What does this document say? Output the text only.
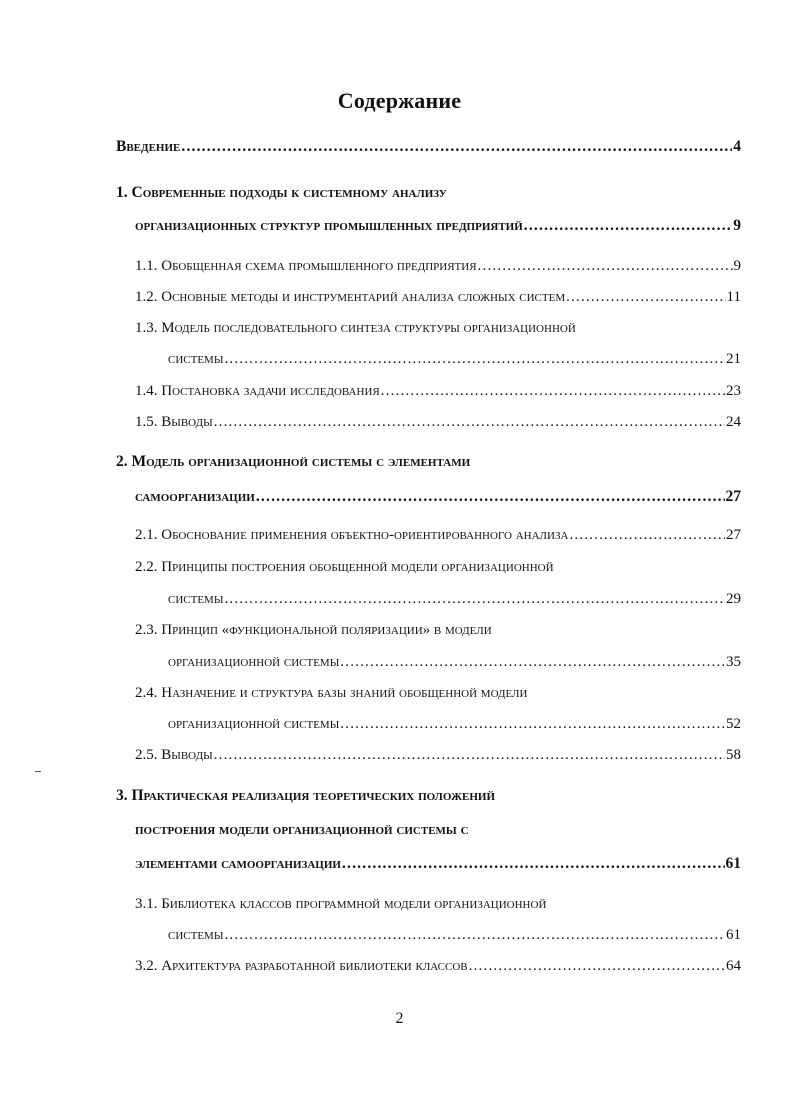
Содержание
Введение .....	4
1. Современные подходы к системному анализу
организационных структур промышленных предприятий .....	9
1.1. Обобщенная схема промышленного предприятия .....	9
1.2. Основные методы и инструментарий анализа сложных систем .....	11
1.3. Модель последовательного синтеза структуры организационной
системы .....	21
1.4. Постановка задачи исследования .....	23
1.5. Выводы .....	24
2. Модель организационной системы с элементами
самоорганизации .....	27
2.1. Обоснование применения объектно-ориентированного анализа .....	27
2.2. Принципы построения обобщенной модели организационной
системы .....	29
2.3. Принцип «функциональной поляризации» в модели
организационной системы .....	35
2.4. Назначение и структура базы знаний обобщенной модели
организационной системы .....	52
2.5. Выводы .....	58
3. Практическая реализация теоретических положений
построения модели организационной системы с
элементами самоорганизации .....	61
3.1. Библиотека классов программной модели организационной
системы .....	61
3.2. Архитектура разработанной библиотеки классов .....	64
2
